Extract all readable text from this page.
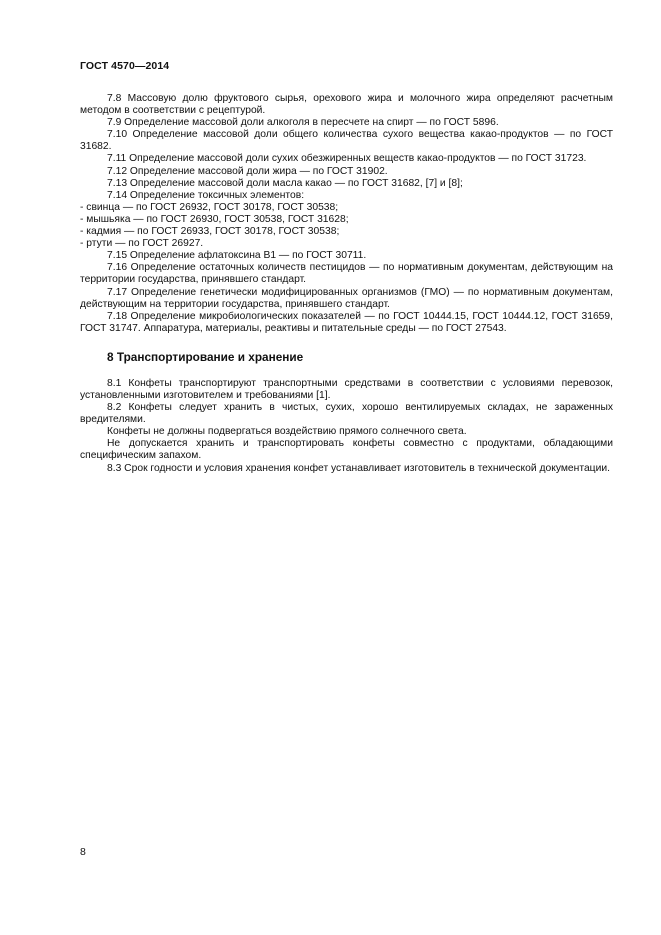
ГОСТ 4570—2014

7.8 Массовую долю фруктового сырья, орехового жира и молочного жира определяют расчетным методом в соответствии с рецептурой.

7.9 Определение массовой доли алкоголя в пересчете на спирт — по ГОСТ 5896.

7.10 Определение массовой доли общего количества сухого вещества какао-продуктов — по ГОСТ 31682.

7.11 Определение массовой доли сухих обезжиренных веществ какао-продуктов — по ГОСТ 31723.

7.12 Определение массовой доли жира — по ГОСТ 31902.

7.13 Определение массовой доли масла какао — по ГОСТ 31682, [7] и [8];

7.14 Определение токсичных элементов:

- свинца — по ГОСТ 26932, ГОСТ 30178, ГОСТ 30538;

- мышьяка — по ГОСТ 26930, ГОСТ 30538, ГОСТ 31628;

- кадмия — по ГОСТ 26933, ГОСТ 30178, ГОСТ 30538;

- ртути — по ГОСТ 26927.

7.15 Определение афлатоксина В1 — по ГОСТ 30711.

7.16 Определение остаточных количеств пестицидов — по нормативным документам, действующим на территории государства, принявшего стандарт.

7.17 Определение генетически модифицированных организмов (ГМО) — по нормативным документам, действующим на территории государства, принявшего стандарт.

7.18 Определение микробиологических показателей — по ГОСТ 10444.15, ГОСТ 10444.12, ГОСТ 31659, ГОСТ 31747. Аппаратура, материалы, реактивы и питательные среды — по ГОСТ 27543.

8 Транспортирование и хранение

8.1 Конфеты транспортируют транспортными средствами в соответствии с условиями перевозок, установленными изготовителем и требованиями [1].

8.2 Конфеты следует хранить в чистых, сухих, хорошо вентилируемых складах, не зараженных вредителями.

Конфеты не должны подвергаться воздействию прямого солнечного света.

Не допускается хранить и транспортировать конфеты совместно с продуктами, обладающими специфическим запахом.

8.3 Срок годности и условия хранения конфет устанавливает изготовитель в технической документации.

8
